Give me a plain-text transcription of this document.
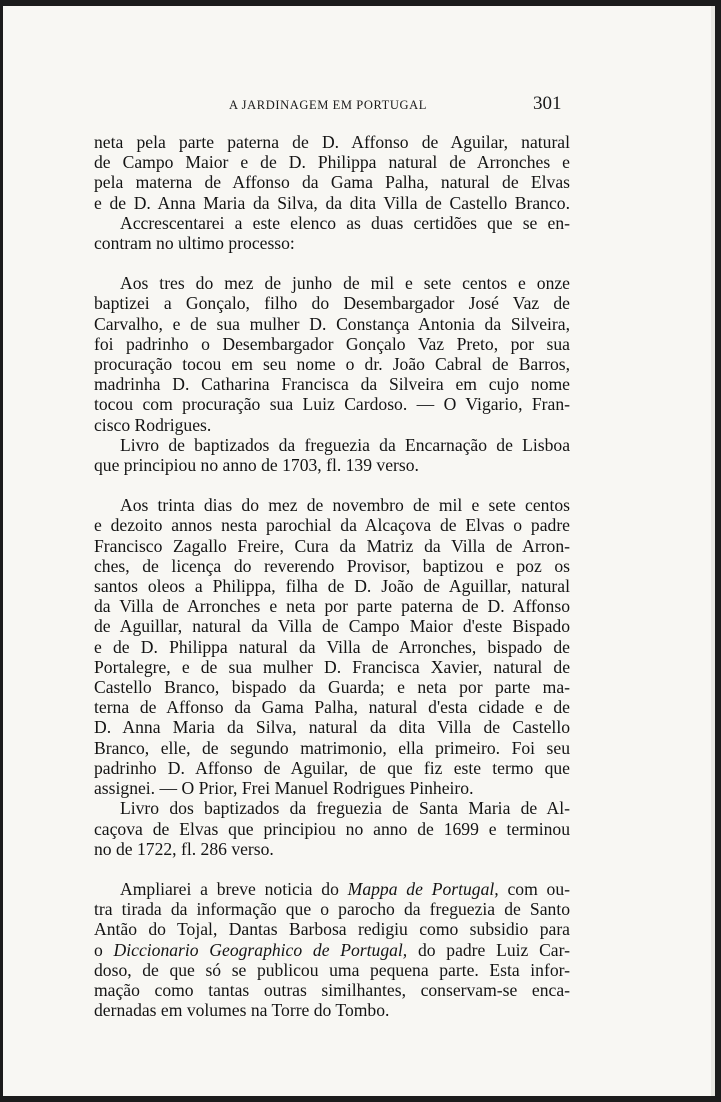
A JARDINAGEM EM PORTUGAL	301
neta pela parte paterna de D. Affonso de Aguilar, natural
de Campo Maior e de D. Philippa natural de Arronches e
pela materna de Affonso da Gama Palha, natural de Elvas
e de D. Anna Maria da Silva, da dita Villa de Castello Branco.
Accrescentarei a este elenco as duas certidões que se en-
contram no ultimo processo:
Aos tres do mez de junho de mil e sete centos e onze
baptizei a Gonçalo, filho do Desembargador José Vaz de
Carvalho, e de sua mulher D. Constança Antonia da Silveira,
foi padrinho o Desembargador Gonçalo Vaz Preto, por sua
procuração tocou em seu nome o dr. João Cabral de Barros,
madrinha D. Catharina Francisca da Silveira em cujo nome
tocou com procuração sua Luiz Cardoso. — O Vigario, Fran-
cisco Rodrigues.
Livro de baptizados da freguezia da Encarnação de Lisboa
que principiou no anno de 1703, fl. 139 verso.
Aos trinta dias do mez de novembro de mil e sete centos
e dezoito annos nesta parochial da Alcaçova de Elvas o padre
Francisco Zagallo Freire, Cura da Matriz da Villa de Arron-
ches, de licença do reverendo Provisor, baptizou e poz os
santos oleos a Philippa, filha de D. João de Aguillar, natural
da Villa de Arronches e neta por parte paterna de D. Affonso
de Aguillar, natural da Villa de Campo Maior d'este Bispado
e de D. Philippa natural da Villa de Arronches, bispado de
Portalegre, e de sua mulher D. Francisca Xavier, natural de
Castello Branco, bispado da Guarda; e neta por parte ma-
terna de Affonso da Gama Palha, natural d'esta cidade e de
D. Anna Maria da Silva, natural da dita Villa de Castello
Branco, elle, de segundo matrimonio, ella primeiro. Foi seu
padrinho D. Affonso de Aguilar, de que fiz este termo que
assignei. — O Prior, Frei Manuel Rodrigues Pinheiro.
Livro dos baptizados da freguezia de Santa Maria de Al-
caçova de Elvas que principiou no anno de 1699 e terminou
no de 1722, fl. 286 verso.
Ampliarei a breve noticia do Mappa de Portugal, com ou-
tra tirada da informação que o parocho da freguezia de Santo
Antão do Tojal, Dantas Barbosa redigiu como subsidio para
o Diccionario Geographico de Portugal, do padre Luiz Car-
doso, de que só se publicou uma pequena parte. Esta infor-
mação como tantas outras similhantes, conservam-se enca-
dernadas em volumes na Torre do Tombo.
